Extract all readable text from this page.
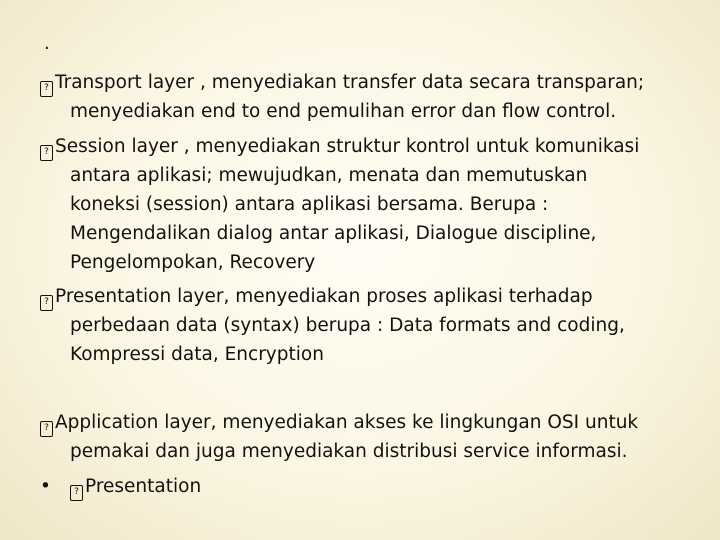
.
? Transport layer , menyediakan transfer data secara transparan;
menyediakan end to end pemulihan error dan flow control.
? Session layer , menyediakan struktur kontrol untuk komunikasi
antara aplikasi; mewujudkan, menata dan memutuskan
koneksi (session) antara aplikasi bersama. Berupa :
Mengendalikan dialog antar aplikasi, Dialogue discipline,
Pengelompokan, Recovery
? Presentation layer, menyediakan proses aplikasi terhadap
perbedaan data (syntax) berupa : Data formats and coding,
Kompressi data, Encryption
? Application layer, menyediakan akses ke lingkungan OSI untuk
pemakai dan juga menyediakan distribusi service informasi.
•	? Presentation
